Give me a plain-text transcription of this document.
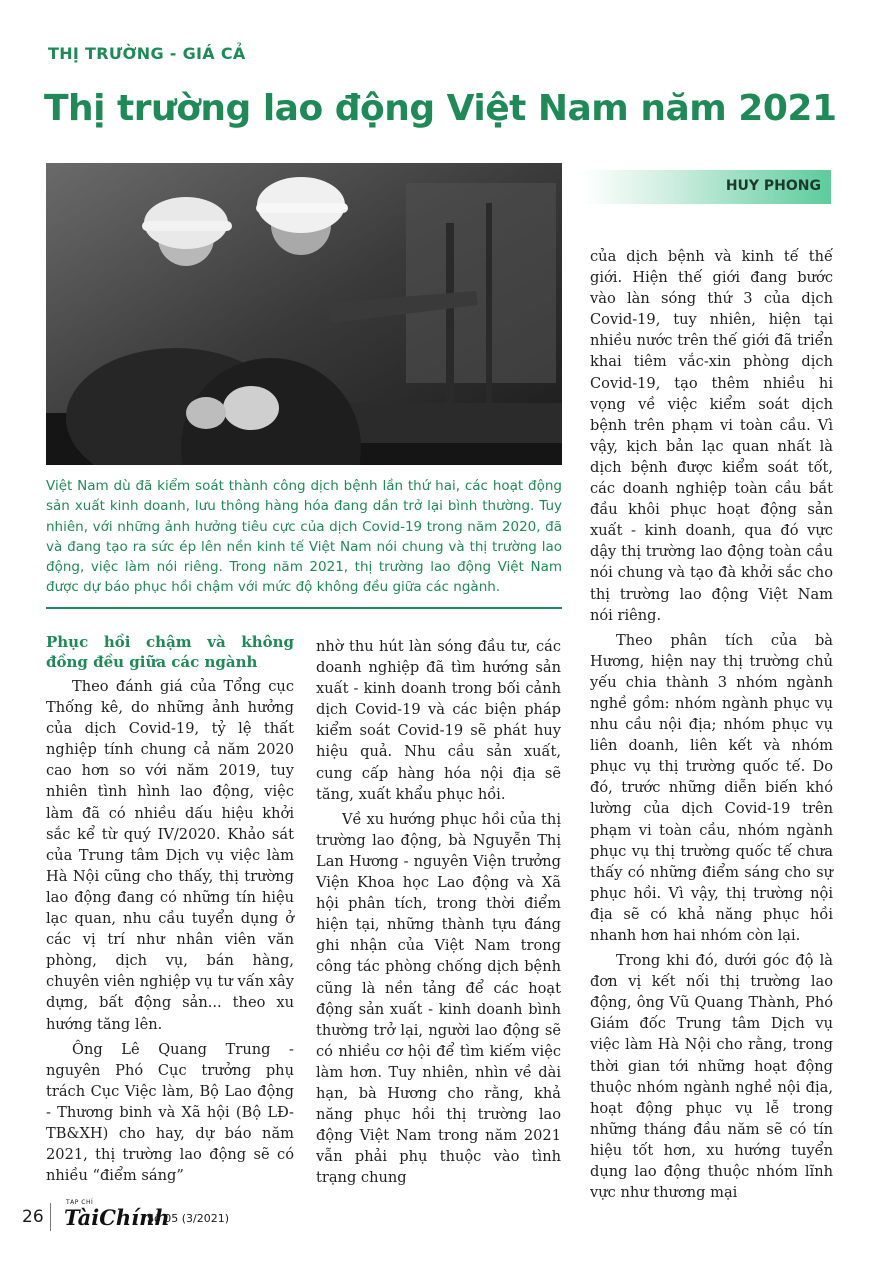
THỊ TRƯỜNG - GIÁ CẢ
Thị trường lao động Việt Nam năm 2021
HUY PHONG
Việt Nam dù đã kiểm soát thành công dịch bệnh lần thứ hai, các hoạt động sản xuất kinh doanh, lưu thông hàng hóa đang dần trở lại bình thường. Tuy nhiên, với những ảnh hưởng tiêu cực của dịch Covid-19 trong năm 2020, đã và đang tạo ra sức ép lên nền kinh tế Việt Nam nói chung và thị trường lao động, việc làm nói riêng. Trong năm 2021, thị trường lao động Việt Nam được dự báo phục hồi chậm với mức độ không đều giữa các ngành.

Phục hồi chậm và không đồng đều giữa các ngành

Theo đánh giá của Tổng cục Thống kê, do những ảnh hưởng của dịch Covid-19, tỷ lệ thất nghiệp tính chung cả năm 2020 cao hơn so với năm 2019, tuy nhiên tình hình lao động, việc làm đã có nhiều dấu hiệu khởi sắc kể từ quý IV/2020. Khảo sát của Trung tâm Dịch vụ việc làm Hà Nội cũng cho thấy, thị trường lao động đang có những tín hiệu lạc quan, nhu cầu tuyển dụng ở các vị trí như nhân viên văn phòng, dịch vụ, bán hàng, chuyên viên nghiệp vụ tư vấn xây dựng, bất động sản... theo xu hướng tăng lên.

Ông Lê Quang Trung - nguyên Phó Cục trưởng phụ trách Cục Việc làm, Bộ Lao động - Thương binh và Xã hội (Bộ LĐ-TB&XH) cho hay, dự báo năm 2021, thị trường lao động sẽ có nhiều “điểm sáng”

nhờ thu hút làn sóng đầu tư, các doanh nghiệp đã tìm hướng sản xuất - kinh doanh trong bối cảnh dịch Covid-19 và các biện pháp kiểm soát Covid-19 sẽ phát huy hiệu quả. Nhu cầu sản xuất, cung cấp hàng hóa nội địa sẽ tăng, xuất khẩu phục hồi.

Về xu hướng phục hồi của thị trường lao động, bà Nguyễn Thị Lan Hương - nguyên Viện trưởng Viện Khoa học Lao động và Xã hội phân tích, trong thời điểm hiện tại, những thành tựu đáng ghi nhận của Việt Nam trong công tác phòng chống dịch bệnh cũng là nền tảng để các hoạt động sản xuất - kinh doanh bình thường trở lại, người lao động sẽ có nhiều cơ hội để tìm kiếm việc làm hơn. Tuy nhiên, nhìn về dài hạn, bà Hương cho rằng, khả năng phục hồi thị trường lao động Việt Nam trong năm 2021 vẫn phải phụ thuộc vào tình trạng chung

của dịch bệnh và kinh tế thế giới. Hiện thế giới đang bước vào làn sóng thứ 3 của dịch Covid-19, tuy nhiên, hiện tại nhiều nước trên thế giới đã triển khai tiêm vắc-xin phòng dịch Covid-19, tạo thêm nhiều hi vọng về việc kiểm soát dịch bệnh trên phạm vi toàn cầu. Vì vậy, kịch bản lạc quan nhất là dịch bệnh được kiểm soát tốt, các doanh nghiệp toàn cầu bắt đầu khôi phục hoạt động sản xuất - kinh doanh, qua đó vực dậy thị trường lao động toàn cầu nói chung và tạo đà khởi sắc cho thị trường lao động Việt Nam nói riêng.

Theo phân tích của bà Hương, hiện nay thị trường chủ yếu chia thành 3 nhóm ngành nghề gồm: nhóm ngành phục vụ nhu cầu nội địa; nhóm phục vụ liên doanh, liên kết và nhóm phục vụ thị trường quốc tế. Do đó, trước những diễn biến khó lường của dịch Covid-19 trên phạm vi toàn cầu, nhóm ngành phục vụ thị trường quốc tế chưa thấy có những điểm sáng cho sự phục hồi. Vì vậy, thị trường nội địa sẽ có khả năng phục hồi nhanh hơn hai nhóm còn lại.

Trong khi đó, dưới góc độ là đơn vị kết nối thị trường lao động, ông Vũ Quang Thành, Phó Giám đốc Trung tâm Dịch vụ việc làm Hà Nội cho rằng, trong thời gian tới những hoạt động thuộc nhóm ngành nghề nội địa, hoạt động phục vụ lễ trong những tháng đầu năm sẽ có tín hiệu tốt hơn, xu hướng tuyển dụng lao động thuộc nhóm lĩnh vực như thương mại

26
TẠP CHÍ
TàiChính
Số 05 (3/2021)
